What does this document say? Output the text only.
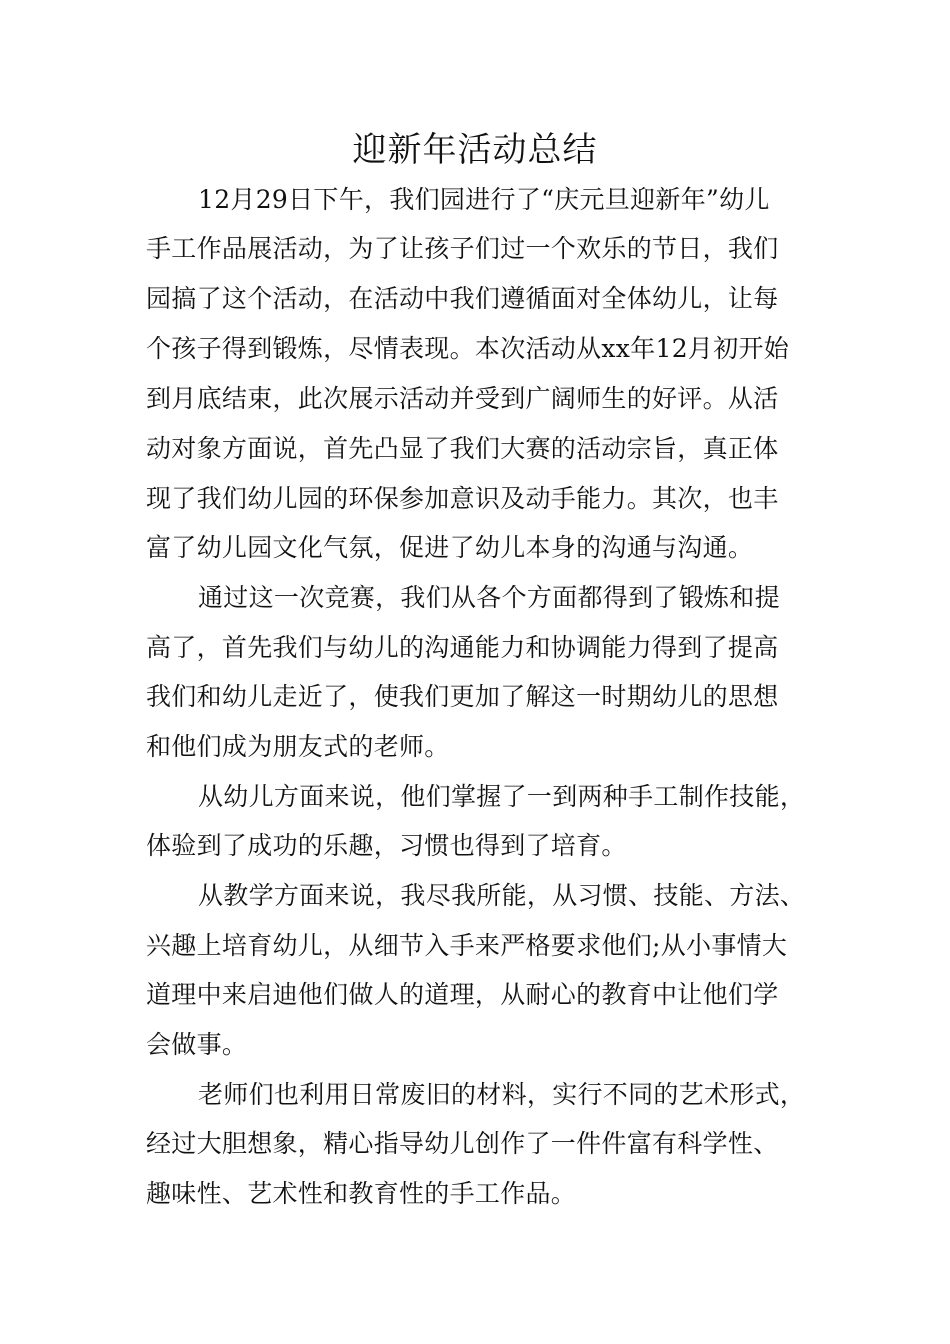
迎新年活动总结
12月29日下午，我们园进行了“庆元旦迎新年”幼儿
手工作品展活动，为了让孩子们过一个欢乐的节日，我们
园搞了这个活动，在活动中我们遵循面对全体幼儿，让每
个孩子得到锻炼，尽情表现。本次活动从xx年12月初开始
到月底结束，此次展示活动并受到广阔师生的好评。从活
动对象方面说，首先凸显了我们大赛的活动宗旨，真正体
现了我们幼儿园的环保参加意识及动手能力。其次，也丰
富了幼儿园文化气氛，促进了幼儿本身的沟通与沟通。
通过这一次竞赛，我们从各个方面都得到了锻炼和提
高了，首先我们与幼儿的沟通能力和协调能力得到了提高
我们和幼儿走近了，使我们更加了解这一时期幼儿的思想
和他们成为朋友式的老师。
从幼儿方面来说，他们掌握了一到两种手工制作技能，
体验到了成功的乐趣，习惯也得到了培育。
从教学方面来说，我尽我所能，从习惯、技能、方法、
兴趣上培育幼儿，从细节入手来严格要求他们;从小事情大
道理中来启迪他们做人的道理，从耐心的教育中让他们学
会做事。
老师们也利用日常废旧的材料，实行不同的艺术形式，
经过大胆想象，精心指导幼儿创作了一件件富有科学性、
趣味性、艺术性和教育性的手工作品。
